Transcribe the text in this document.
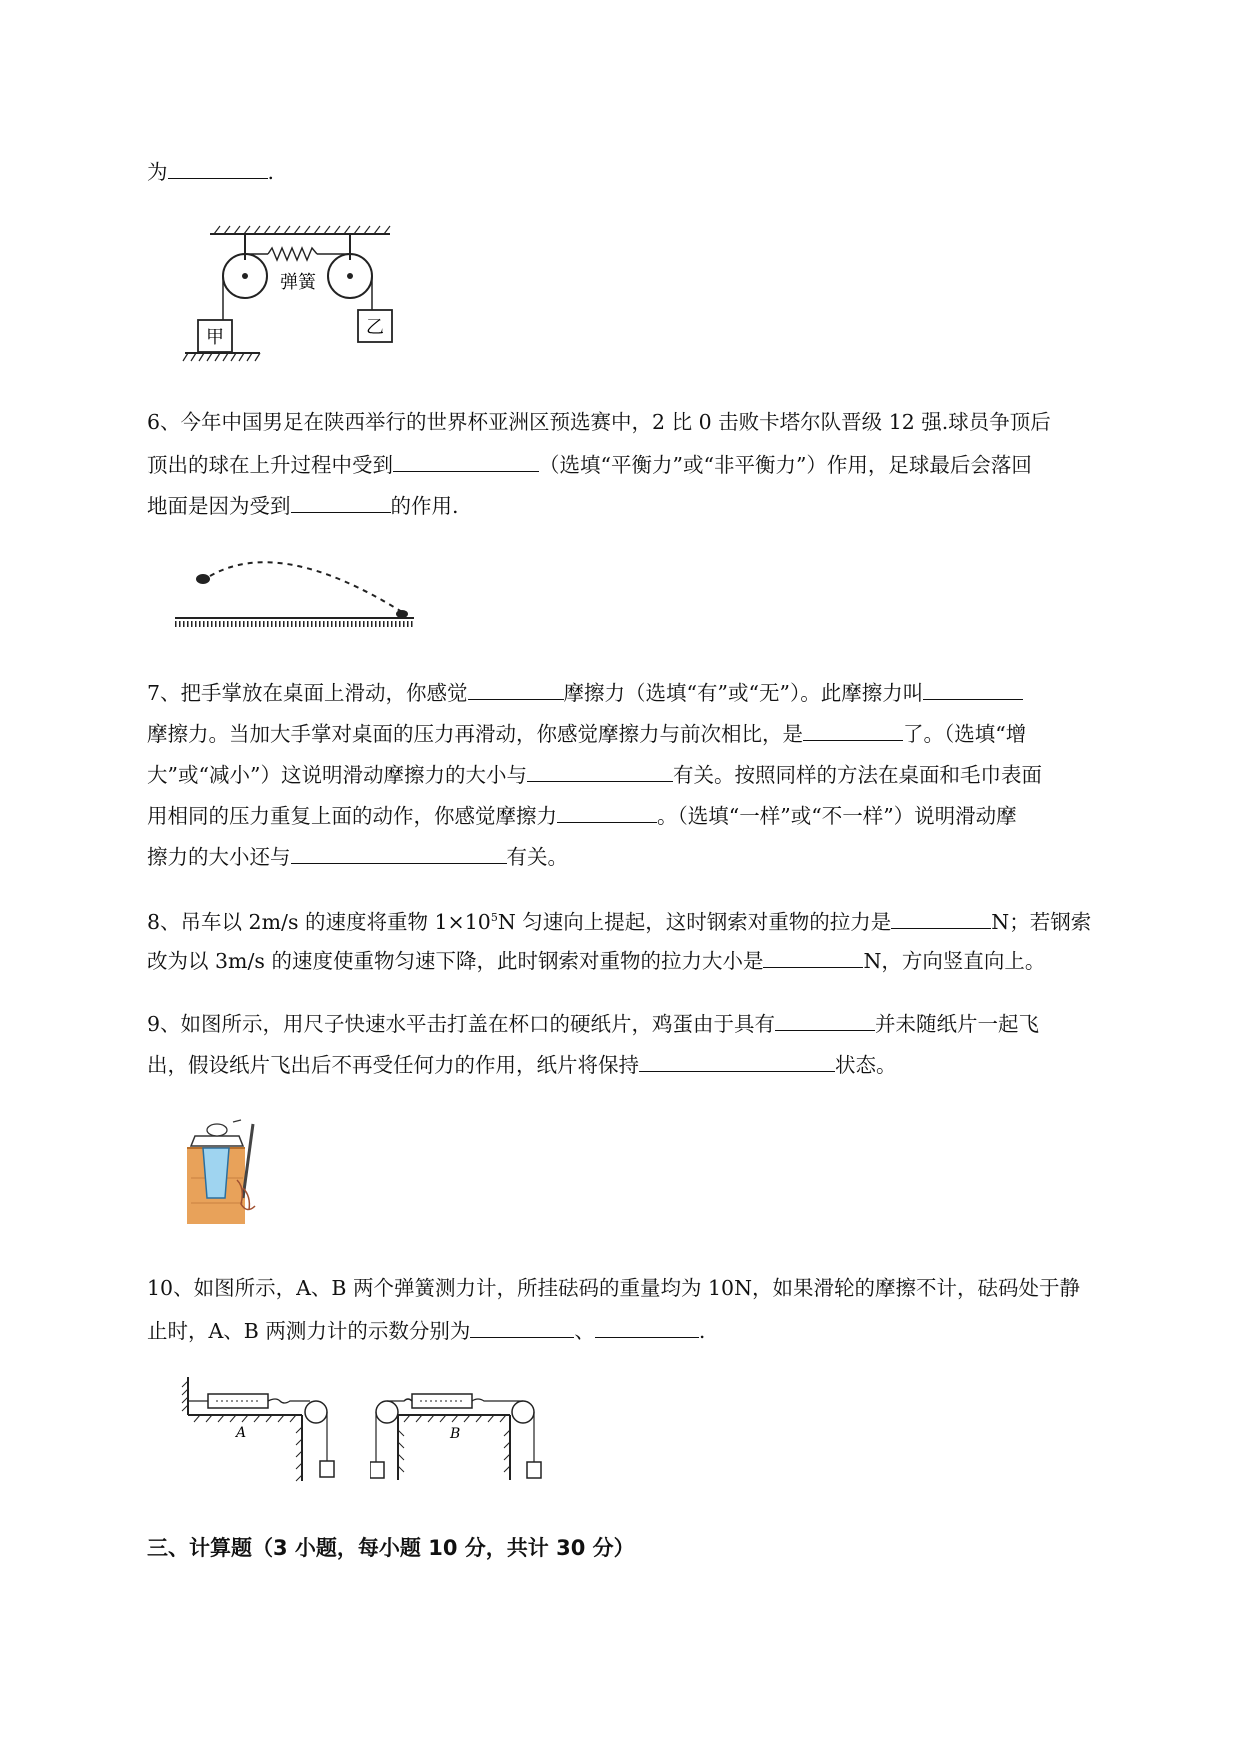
为	.
弹簧
甲	乙
6、今年中国男足在陕西举行的世界杯亚洲区预选赛中，2 比 0 击败卡塔尔队晋级 12 强.球员争顶后
顶出的球在上升过程中受到	（选填“平衡力”或“非平衡力”）作用，足球最后会落回
地面是因为受到	的作用.
7、把手掌放在桌面上滑动，你感觉	摩擦力（选填“有”或“无”）。此摩擦力叫
摩擦力。当加大手掌对桌面的压力再滑动，你感觉摩擦力与前次相比，是	了。（选填“增
大”或“减小”）这说明滑动摩擦力的大小与	有关。按照同样的方法在桌面和毛巾表面
用相同的压力重复上面的动作，你感觉摩擦力	。（选填“一样”或“不一样”）说明滑动摩
擦力的大小还与	有关。
8、吊车以 2m/s 的速度将重物 $1\times 10^5N$ 匀速向上提起，这时钢索对重物的拉力是	N；若钢索
改为以 3m/s 的速度使重物匀速下降，此时钢索对重物的拉力大小是	N，方向竖直向上。
9、如图所示，用尺子快速水平击打盖在杯口的硬纸片，鸡蛋由于具有	并未随纸片一起飞
出，假设纸片飞出后不再受任何力的作用，纸片将保持	状态。
10、如图所示，A、B 两个弹簧测力计，所挂砝码的重量均为 10N，如果滑轮的摩擦不计，砝码处于静
止时，A、B 两测力计的示数分别为	、	.
A	B
三、计算题（3 小题，每小题 10 分，共计 30 分）
